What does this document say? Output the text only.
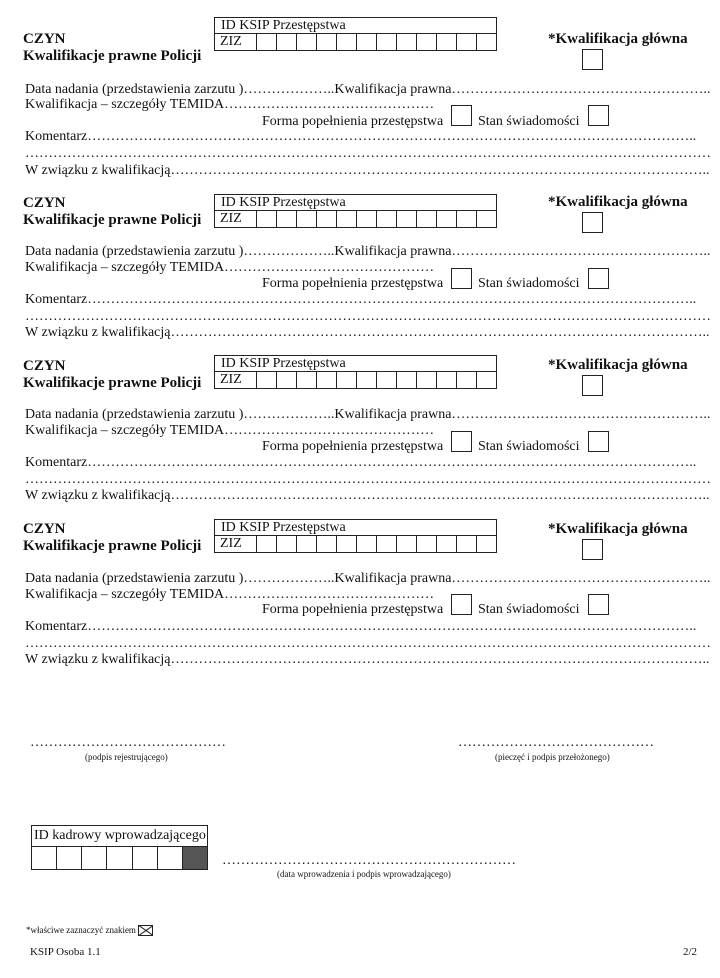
CZYN
Kwalifikacje prawne Policji
ID KSIP Przestępstwa
ZIZ	*Kwalifikacja główna
Data nadania (przedstawienia zarzutu )………………..Kwalifikacja prawna………………………………………………..
Kwalifikacja – szczegóły TEMIDA………………………………………
Forma popełnienia przestępstwa Stan świadomości
Komentarz…………………………………………………………………………………………………………………..
…………………………………………………………………………………………………………………………………
W związku z kwalifikacją……………………………………………………………………………………………………..
CZYN
Kwalifikacje prawne Policji
ID KSIP Przestępstwa
ZIZ
*Kwalifikacja główna
Data nadania (przedstawienia zarzutu )………………..Kwalifikacja prawna………………………………………………..
Kwalifikacja – szczegóły TEMIDA………………………………………
Forma popełnienia przestępstwa Stan świadomości
Komentarz…………………………………………………………………………………………………………………..
…………………………………………………………………………………………………………………………………
W związku z kwalifikacją……………………………………………………………………………………………………..
CZYN
Kwalifikacje prawne Policji
ID KSIP Przestępstwa
ZIZ
*Kwalifikacja główna
Data nadania (przedstawienia zarzutu )………………..Kwalifikacja prawna………………………………………………..
Kwalifikacja – szczegóły TEMIDA………………………………………
Forma popełnienia przestępstwa Stan świadomości
Komentarz…………………………………………………………………………………………………………………..
…………………………………………………………………………………………………………………………………
W związku z kwalifikacją……………………………………………………………………………………………………..
CZYN
Kwalifikacje prawne Policji
ID KSIP Przestępstwa
ZIZ
*Kwalifikacja główna
Data nadania (przedstawienia zarzutu )………………..Kwalifikacja prawna………………………………………………..
Kwalifikacja – szczegóły TEMIDA………………………………………
Forma popełnienia przestępstwa Stan świadomości
Komentarz…………………………………………………………………………………………………………………..
…………………………………………………………………………………………………………………………………
W związku z kwalifikacją……………………………………………………………………………………………………..
……………………………………
(podpis rejestrującego)
……………………………………
(pieczęć i podpis przełożonego)
ID kadrowy wprowadzającego
………………………………………………………
(data wprowadzenia i podpis wprowadzającego)
*właściwe zaznaczyć znakiem
KSIP Osoba 1.1	2/2
